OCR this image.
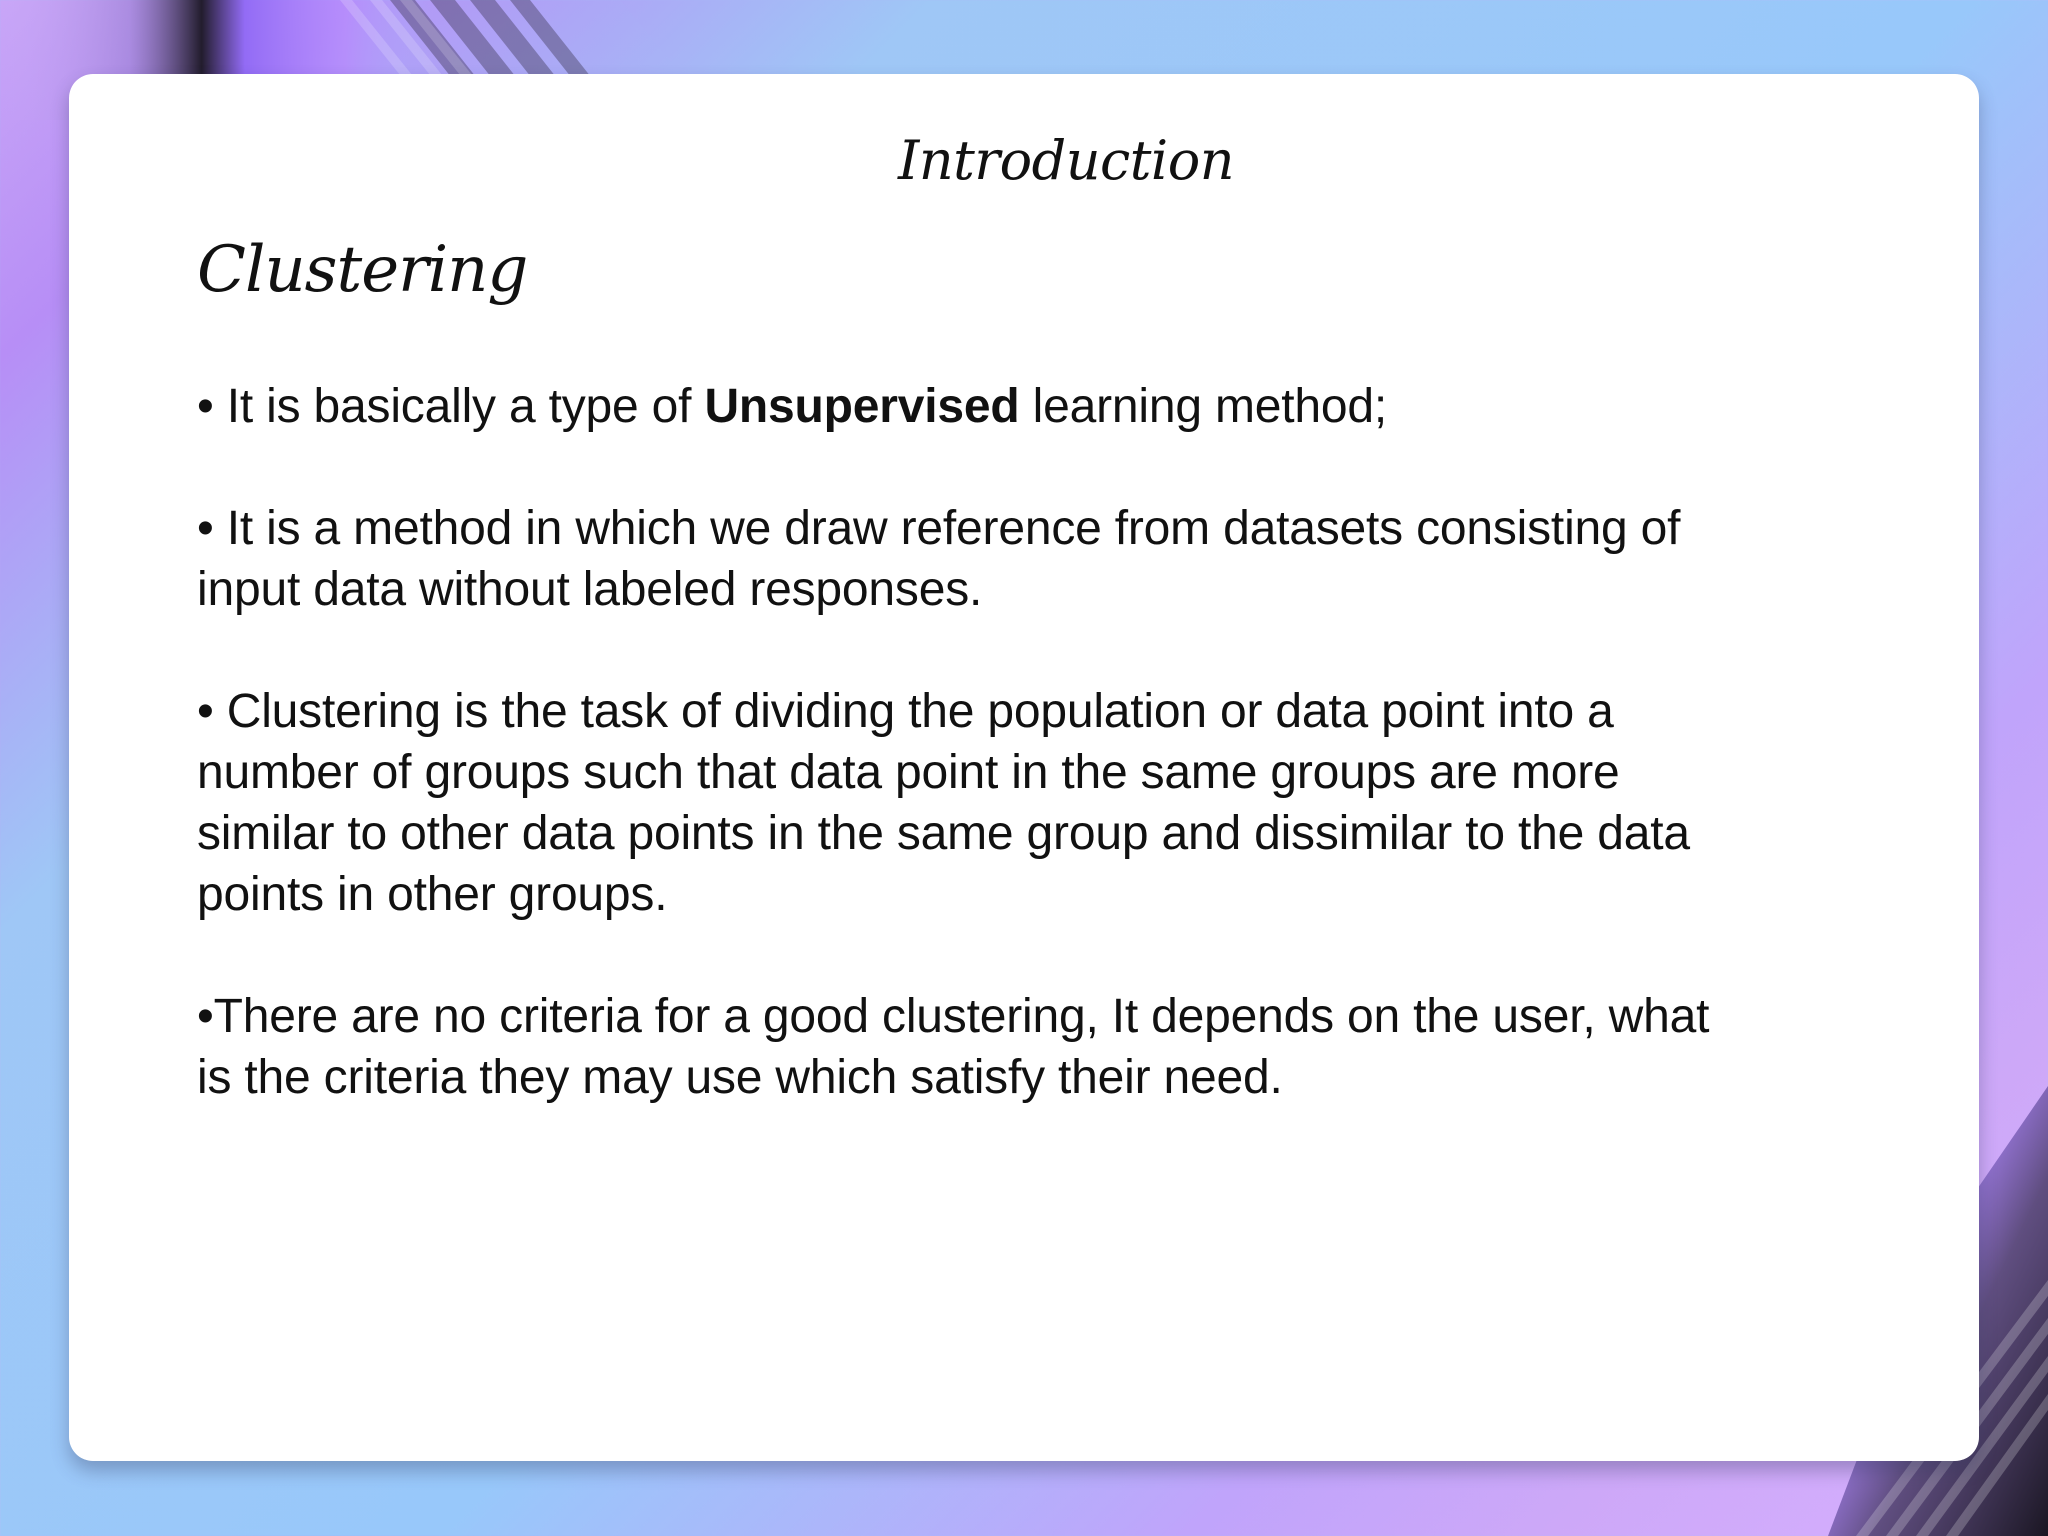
Introduction
Clustering

• It is basically a type of Unsupervised learning method;

• It is a method in which we draw reference from datasets consisting of
input data without labeled responses.

• Clustering is the task of dividing the population or data point into a
number of groups such that data point in the same groups are more
similar to other data points in the same group and dissimilar to the data
points in other groups.

•There are no criteria for a good clustering, It depends on the user, what
is the criteria they may use which satisfy their need.
